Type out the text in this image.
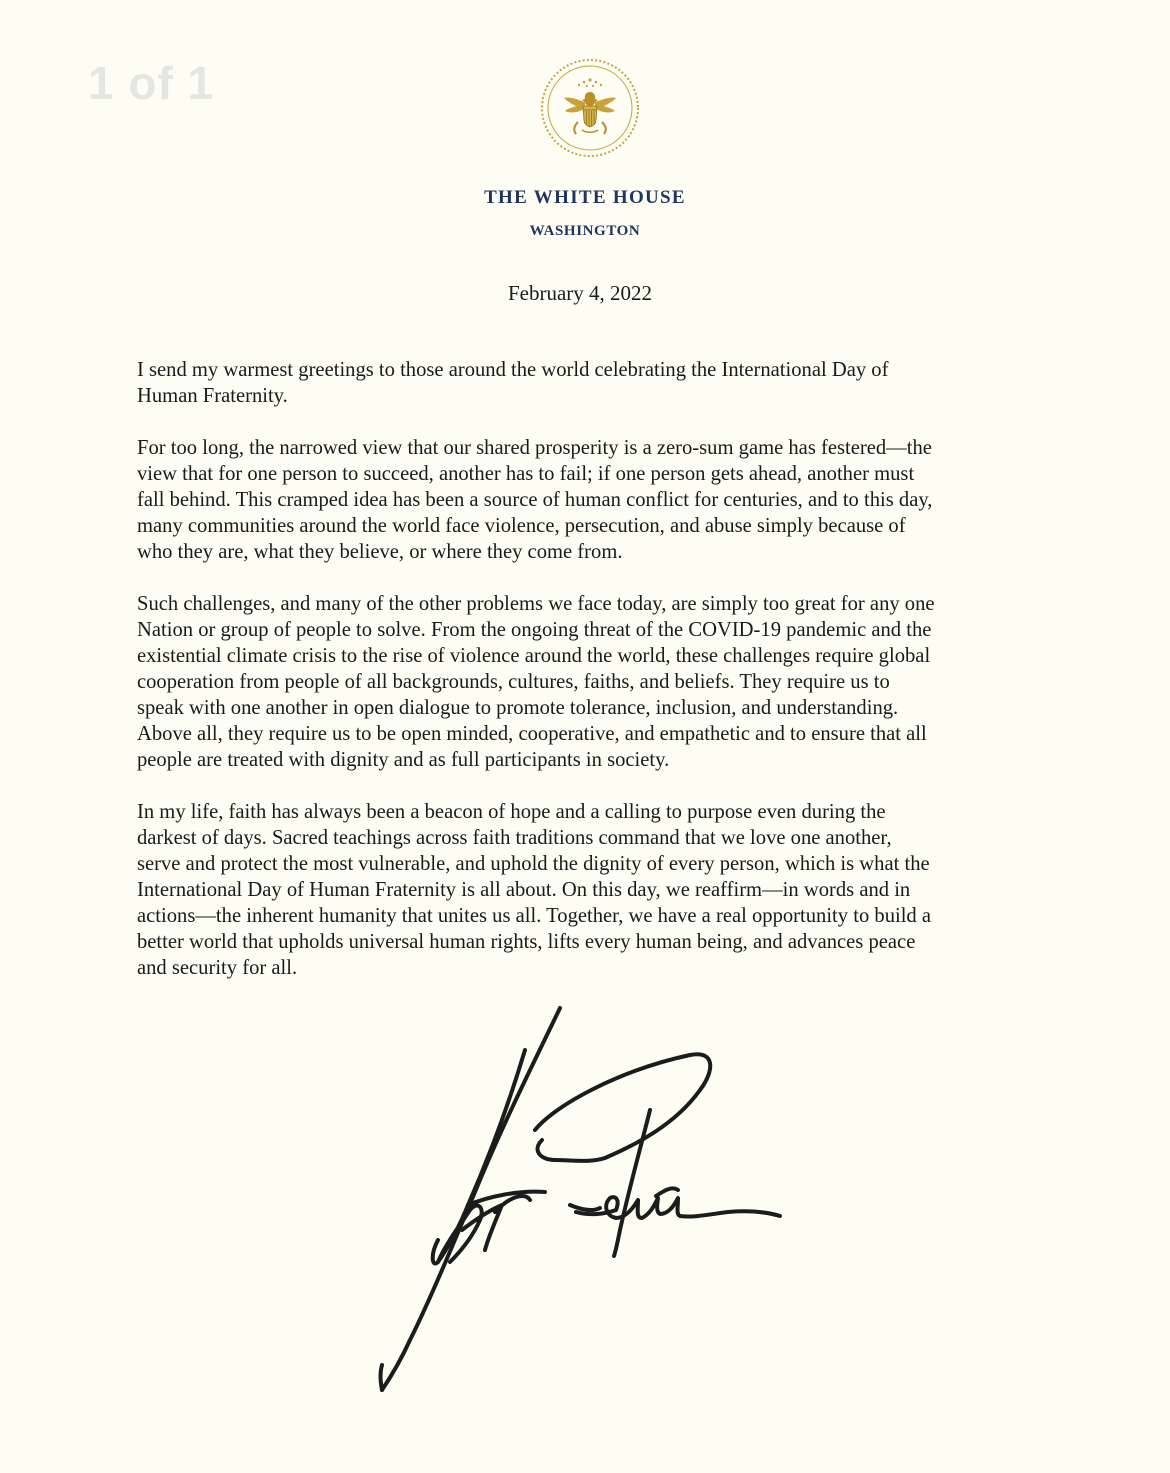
1 of 1
THE WHITE HOUSE
WASHINGTON
February 4, 2022

I send my warmest greetings to those around the world celebrating the International Day of
Human Fraternity.

For too long, the narrowed view that our shared prosperity is a zero-sum game has festered—the
view that for one person to succeed, another has to fail; if one person gets ahead, another must
fall behind. This cramped idea has been a source of human conflict for centuries, and to this day,
many communities around the world face violence, persecution, and abuse simply because of
who they are, what they believe, or where they come from.

Such challenges, and many of the other problems we face today, are simply too great for any one
Nation or group of people to solve. From the ongoing threat of the COVID-19 pandemic and the
existential climate crisis to the rise of violence around the world, these challenges require global
cooperation from people of all backgrounds, cultures, faiths, and beliefs. They require us to
speak with one another in open dialogue to promote tolerance, inclusion, and understanding.
Above all, they require us to be open minded, cooperative, and empathetic and to ensure that all
people are treated with dignity and as full participants in society.

In my life, faith has always been a beacon of hope and a calling to purpose even during the
darkest of days. Sacred teachings across faith traditions command that we love one another,
serve and protect the most vulnerable, and uphold the dignity of every person, which is what the
International Day of Human Fraternity is all about. On this day, we reaffirm—in words and in
actions—the inherent humanity that unites us all. Together, we have a real opportunity to build a
better world that upholds universal human rights, lifts every human being, and advances peace
and security for all.
